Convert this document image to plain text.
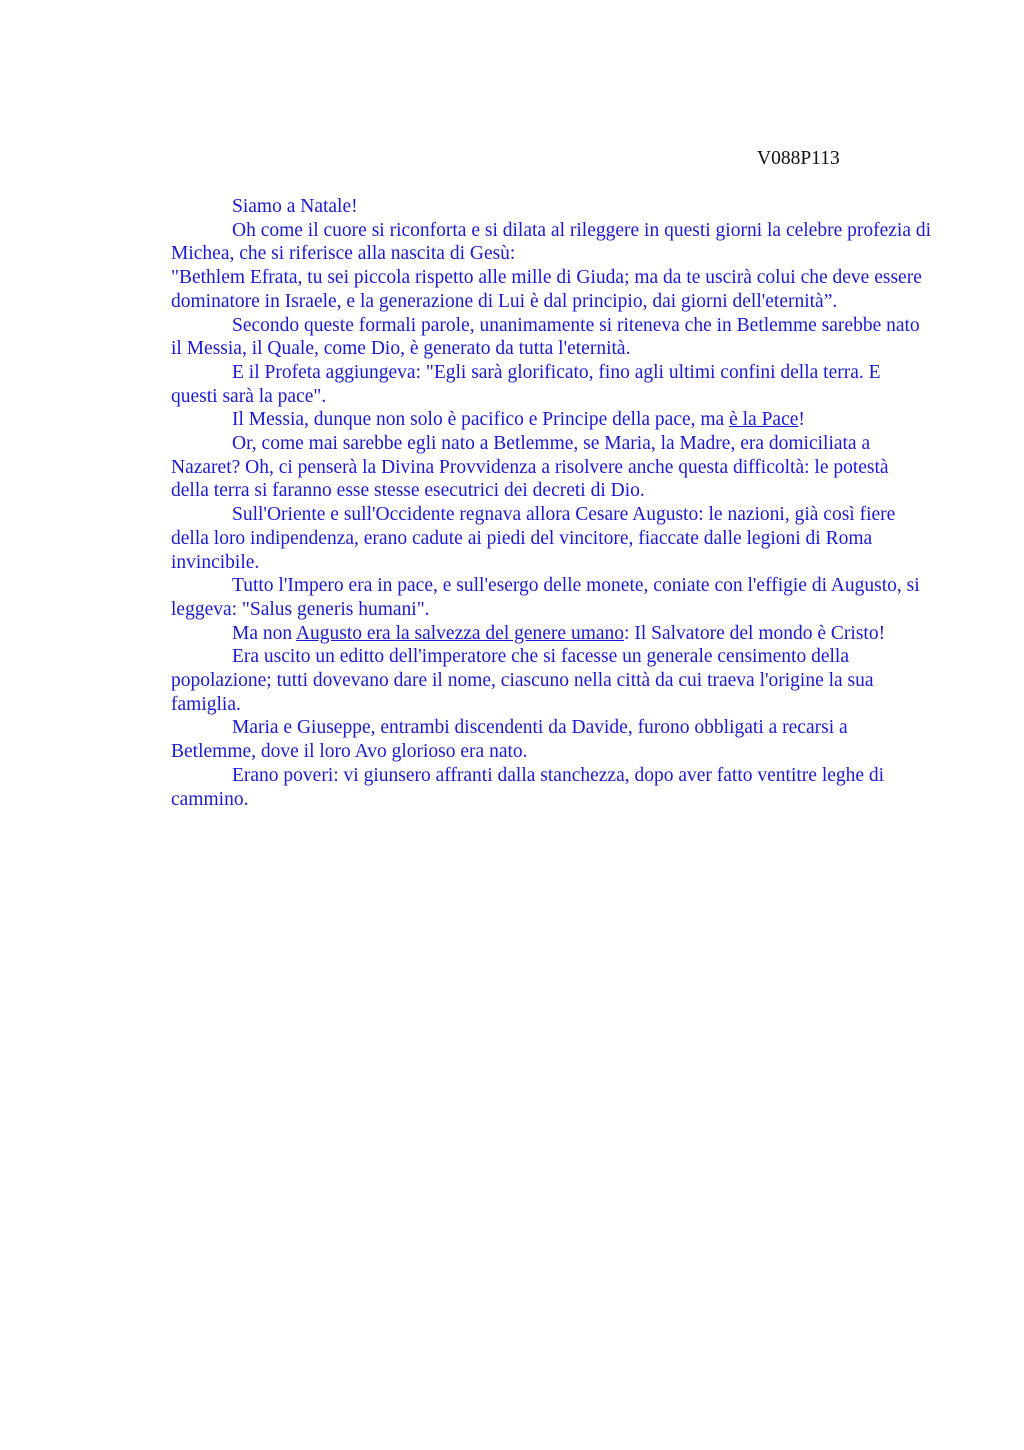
V088P113

Siamo a Natale!

Oh come il cuore si riconforta e si dilata al rileggere in questi giorni la celebre profezia di Michea, che si riferisce alla nascita di Gesù:

"Bethlem Efrata, tu sei piccola rispetto alle mille di Giuda; ma da te uscirà colui che deve essere dominatore in Israele, e la generazione di Lui è dal principio, dai giorni dell'eternità”.

Secondo queste formali parole, unanimamente si riteneva che in Betlemme sarebbe nato il Messia, il Quale, come Dio, è generato da tutta l'eternità.

E il Profeta aggiungeva: "Egli sarà glorificato, fino agli ultimi confini della terra. E questi sarà la pace".

Il Messia, dunque non solo è pacifico e Principe della pace, ma è la Pace!

Or, come mai sarebbe egli nato a Betlemme, se Maria, la Madre, era domiciliata a Nazaret? Oh, ci penserà la Divina Provvidenza a risolvere anche questa difficoltà: le potestà della terra si faranno esse stesse esecutrici dei decreti di Dio.

Sull'Oriente e sull'Occidente regnava allora Cesare Augusto: le nazioni, già così fiere della loro indipendenza, erano cadute ai piedi del vincitore, fiaccate dalle legioni di Roma invincibile.

Tutto l'Impero era in pace, e sull'esergo delle monete, coniate con l'effigie di Augusto, si leggeva: "Salus generis humani".

Ma non Augusto era la salvezza del genere umano: Il Salvatore del mondo è Cristo!

Era uscito un editto dell'imperatore che si facesse un generale censimento della popolazione; tutti dovevano dare il nome, ciascuno nella città da cui traeva l'origine la sua famiglia.

Maria e Giuseppe, entrambi discendenti da Davide, furono obbligati a recarsi a Betlemme, dove il loro Avo glorioso era nato.

Erano poveri: vi giunsero affranti dalla stanchezza, dopo aver fatto ventitre leghe di cammino.
